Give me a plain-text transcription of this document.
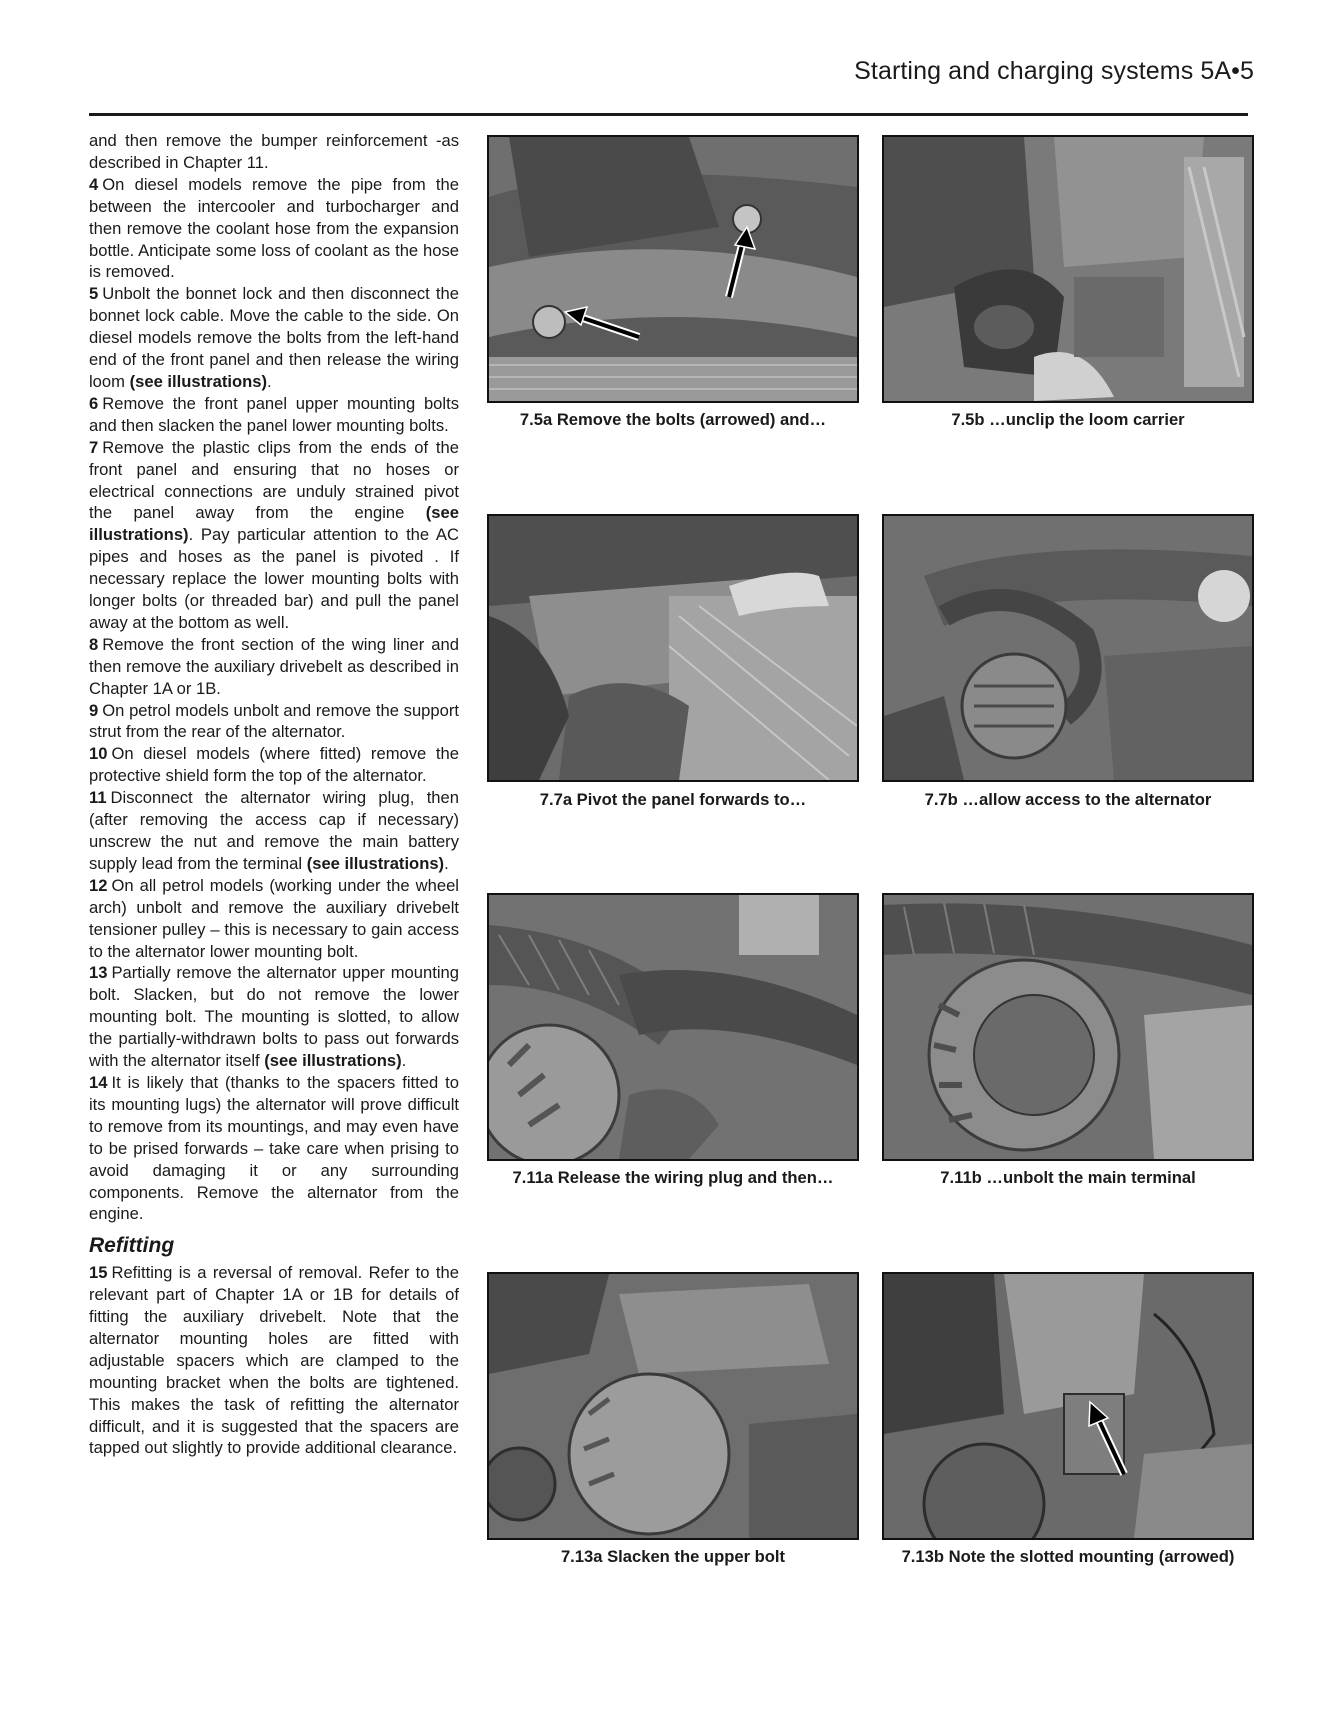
Starting and charging systems 5A•5

and then remove the bumper reinforcement -as described in Chapter 11.

4 On diesel models remove the pipe from the between the intercooler and turbocharger and then remove the coolant hose from the expansion bottle. Anticipate some loss of coolant as the hose is removed.

5 Unbolt the bonnet lock and then disconnect the bonnet lock cable. Move the cable to the side. On diesel models remove the bolts from the left-hand end of the front panel and then release the wiring loom (see illustrations).

6 Remove the front panel upper mounting bolts and then slacken the panel lower mounting bolts.

7 Remove the plastic clips from the ends of the front panel and ensuring that no hoses or electrical connections are unduly strained pivot the panel away from the engine (see illustrations). Pay particular attention to the AC pipes and hoses as the panel is pivoted . If necessary replace the lower mounting bolts with longer bolts (or threaded bar) and pull the panel away at the bottom as well.

8 Remove the front section of the wing liner and then remove the auxiliary drivebelt as described in Chapter 1A or 1B.

9 On petrol models unbolt and remove the support strut from the rear of the alternator.

10 On diesel models (where fitted) remove the protective shield form the top of the alternator.

11 Disconnect the alternator wiring plug, then (after removing the access cap if necessary) unscrew the nut and remove the main battery supply lead from the terminal (see illustrations).

12 On all petrol models (working under the wheel arch) unbolt and remove the auxiliary drivebelt tensioner pulley – this is necessary to gain access to the alternator lower mounting bolt.

13 Partially remove the alternator upper mounting bolt. Slacken, but do not remove the lower mounting bolt. The mounting is slotted, to allow the partially-withdrawn bolts to pass out forwards with the alternator itself (see illustrations).

14 It is likely that (thanks to the spacers fitted to its mounting lugs) the alternator will prove difficult to remove from its mountings, and may even have to be prised forwards – take care when prising to avoid damaging it or any surrounding components. Remove the alternator from the engine.

Refitting

15 Refitting is a reversal of removal. Refer to the relevant part of Chapter 1A or 1B for details of fitting the auxiliary drivebelt. Note that the alternator mounting holes are fitted with adjustable spacers which are clamped to the mounting bracket when the bolts are tightened. This makes the task of refitting the alternator difficult, and it is suggested that the spacers are tapped out slightly to provide additional clearance.

7.5a Remove the bolts (arrowed) and…	7.5b …unclip the loom carrier
7.7a Pivot the panel forwards to…	7.7b …allow access to the alternator
7.11a Release the wiring plug and then…	7.11b …unbolt the main terminal
7.13a Slacken the upper bolt	7.13b Note the slotted mounting (arrowed)
